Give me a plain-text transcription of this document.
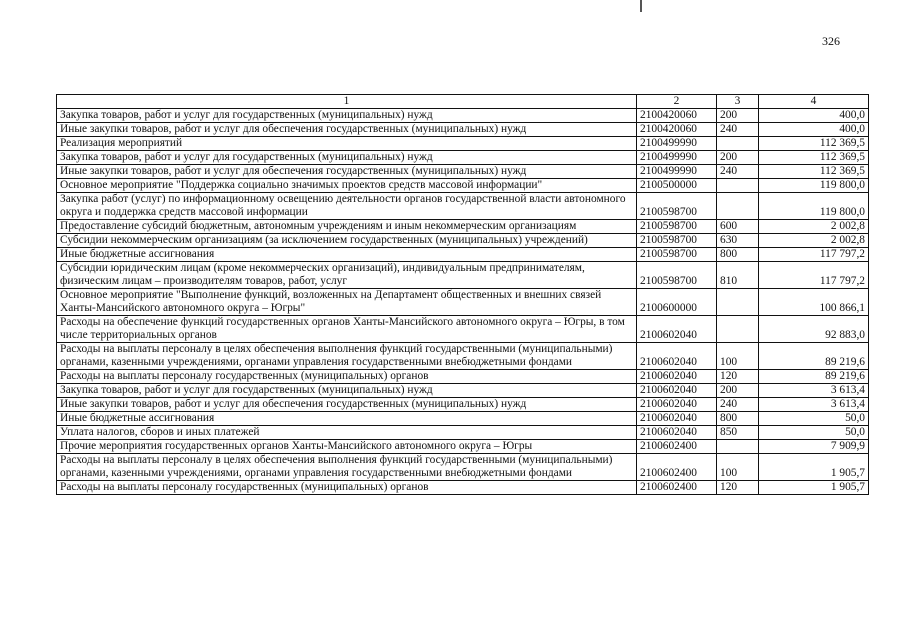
326
1	2	3	4
Закупка товаров, работ и услуг для государственных (муниципальных) нужд	2100420060	200	400,0
Иные закупки товаров, работ и услуг для обеспечения государственных (муниципальных) нужд	2100420060	240	400,0
Реализация мероприятий	2100499990		112 369,5
Закупка товаров, работ и услуг для государственных (муниципальных) нужд	2100499990	200	112 369,5
Иные закупки товаров, работ и услуг для обеспечения государственных (муниципальных) нужд	2100499990	240	112 369,5
Основное мероприятие "Поддержка социально значимых проектов средств массовой информации"	2100500000		119 800,0
Закупка работ (услуг) по информационному освещению деятельности органов государственной власти автономного округа и поддержка средств массовой информации	2100598700		119 800,0
Предоставление субсидий бюджетным, автономным учреждениям и иным некоммерческим организациям	2100598700	600	2 002,8
Субсидии некоммерческим организациям (за исключением государственных (муниципальных) учреждений)	2100598700	630	2 002,8
Иные бюджетные ассигнования	2100598700	800	117 797,2
Субсидии юридическим лицам (кроме некоммерческих организаций), индивидуальным предпринимателям, физическим лицам – производителям товаров, работ, услуг	2100598700	810	117 797,2
Основное мероприятие "Выполнение функций, возложенных на Департамент общественных и внешних связей Ханты-Мансийского автономного округа – Югры"	2100600000		100 866,1
Расходы на обеспечение функций государственных органов Ханты-Мансийского автономного округа – Югры, в том числе территориальных органов	2100602040		92 883,0
Расходы на выплаты персоналу в целях обеспечения выполнения функций государственными (муниципальными) органами, казенными учреждениями, органами управления государственными внебюджетными фондами	2100602040	100	89 219,6
Расходы на выплаты персоналу государственных (муниципальных) органов	2100602040	120	89 219,6
Закупка товаров, работ и услуг для государственных (муниципальных) нужд	2100602040	200	3 613,4
Иные закупки товаров, работ и услуг для обеспечения государственных (муниципальных) нужд	2100602040	240	3 613,4
Иные бюджетные ассигнования	2100602040	800	50,0
Уплата налогов, сборов и иных платежей	2100602040	850	50,0
Прочие мероприятия государственных органов Ханты-Мансийского автономного округа – Югры	2100602400		7 909,9
Расходы на выплаты персоналу в целях обеспечения выполнения функций государственными (муниципальными) органами, казенными учреждениями, органами управления государственными внебюджетными фондами	2100602400	100	1 905,7
Расходы на выплаты персоналу государственных (муниципальных) органов	2100602400	120	1 905,7
